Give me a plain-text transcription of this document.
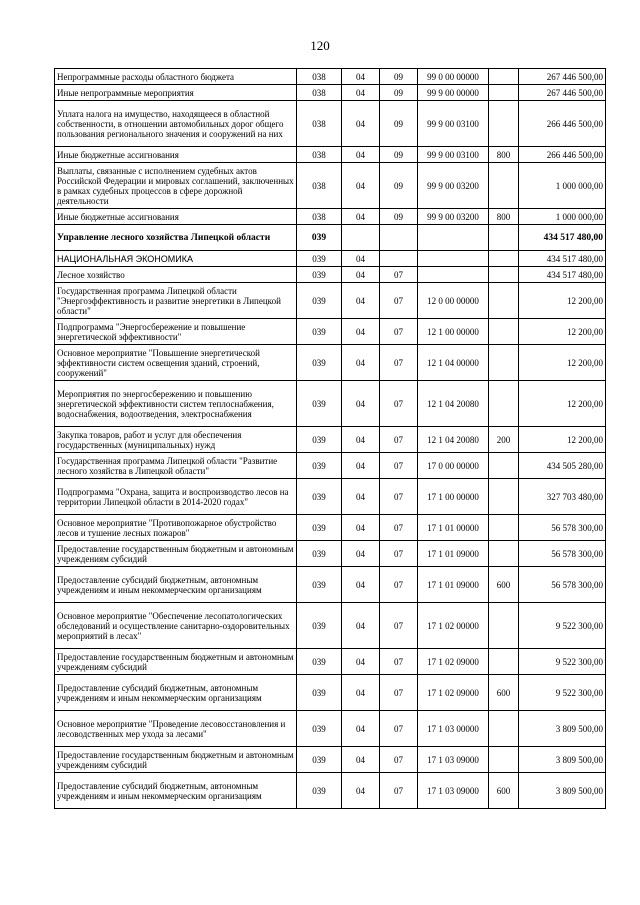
120
Непрограммные расходы областного бюджета	038	04	09	99 0 00 00000		267 446 500,00
Иные непрограммные мероприятия	038	04	09	99 9 00 00000		267 446 500,00
Уплата налога на имущество, находящееся в областной собственности, в отношении автомобильных дорог общего пользования регионального значения и сооружений на них	038	04	09	99 9 00 03100		266 446 500,00
Иные бюджетные ассигнования	038	04	09	99 9 00 03100	800	266 446 500,00
Выплаты, связанные с исполнением судебных актов Российской Федерации и мировых соглашений, заключенных в рамках судебных процессов в сфере дорожной деятельности	038	04	09	99 9 00 03200		1 000 000,00
Иные бюджетные ассигнования	038	04	09	99 9 00 03200	800	1 000 000,00
Управление лесного хозяйства Липецкой области	039					434 517 480,00
НАЦИОНАЛЬНАЯ ЭКОНОМИКА	039	04				434 517 480,00
Лесное хозяйство	039	04	07			434 517 480,00
Государственная программа Липецкой области "Энергоэффективность и развитие энергетики в Липецкой области"	039	04	07	12 0 00 00000		12 200,00
Подпрограмма "Энергосбережение и повышение энергетической эффективности"	039	04	07	12 1 00 00000		12 200,00
Основное мероприятие "Повышение энергетической эффективности систем освещения зданий, строений, сооружений"	039	04	07	12 1 04 00000		12 200,00
Мероприятия по энергосбережению и повышению энергетической эффективности систем теплоснабжения, водоснабжения, водоотведения, электроснабжения	039	04	07	12 1 04 20080		12 200,00
Закупка товаров, работ и услуг для обеспечения государственных (муниципальных) нужд	039	04	07	12 1 04 20080	200	12 200,00
Государственная программа Липецкой области "Развитие лесного хозяйства в Липецкой области"	039	04	07	17 0 00 00000		434 505 280,00
Подпрограмма "Охрана, защита и воспроизводство лесов на территории Липецкой области в 2014-2020 годах"	039	04	07	17 1 00 00000		327 703 480,00
Основное мероприятие "Противопожарное обустройство лесов и тушение лесных пожаров"	039	04	07	17 1 01 00000		56 578 300,00
Предоставление государственным бюджетным и автономным учреждениям субсидий	039	04	07	17 1 01 09000		56 578 300,00
Предоставление субсидий бюджетным, автономным учреждениям и иным некоммерческим организациям	039	04	07	17 1 01 09000	600	56 578 300,00
Основное мероприятие "Обеспечение лесопатологических обследований и осуществление санитарно-оздоровительных мероприятий в лесах"	039	04	07	17 1 02 00000		9 522 300,00
Предоставление государственным бюджетным и автономным учреждениям субсидий	039	04	07	17 1 02 09000		9 522 300,00
Предоставление субсидий бюджетным, автономным учреждениям и иным некоммерческим организациям	039	04	07	17 1 02 09000	600	9 522 300,00
Основное мероприятие "Проведение лесовосстановления и лесоводственных мер ухода за лесами"	039	04	07	17 1 03 00000		3 809 500,00
Предоставление государственным бюджетным и автономным учреждениям субсидий	039	04	07	17 1 03 09000		3 809 500,00
Предоставление субсидий бюджетным, автономным учреждениям и иным некоммерческим организациям	039	04	07	17 1 03 09000	600	3 809 500,00
